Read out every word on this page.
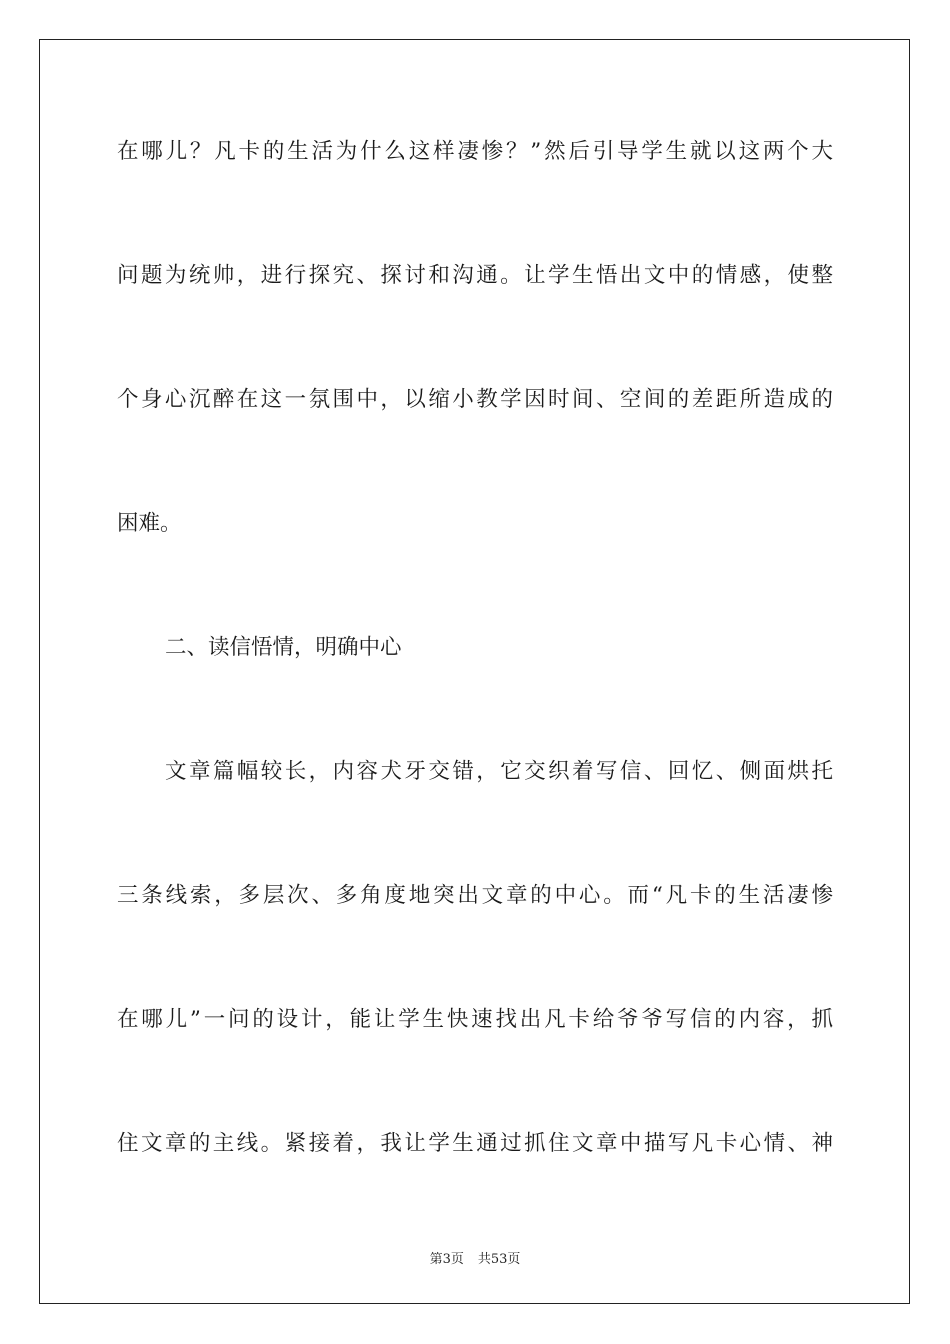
在哪儿？凡卡的生活为什么这样凄惨？”然后引导学生就以这两个大
问题为统帅，进行探究、探讨和沟通。让学生悟出文中的情感，使整
个身心沉醉在这一氛围中，以缩小教学因时间、空间的差距所造成的
困难。
二、读信悟情，明确中心
文章篇幅较长，内容犬牙交错，它交织着写信、回忆、侧面烘托
三条线索，多层次、多角度地突出文章的中心。而“凡卡的生活凄惨
在哪儿”一问的设计，能让学生快速找出凡卡给爷爷写信的内容，抓
住文章的主线。紧接着，我让学生通过抓住文章中描写凡卡心情、神
第3页 共53页
